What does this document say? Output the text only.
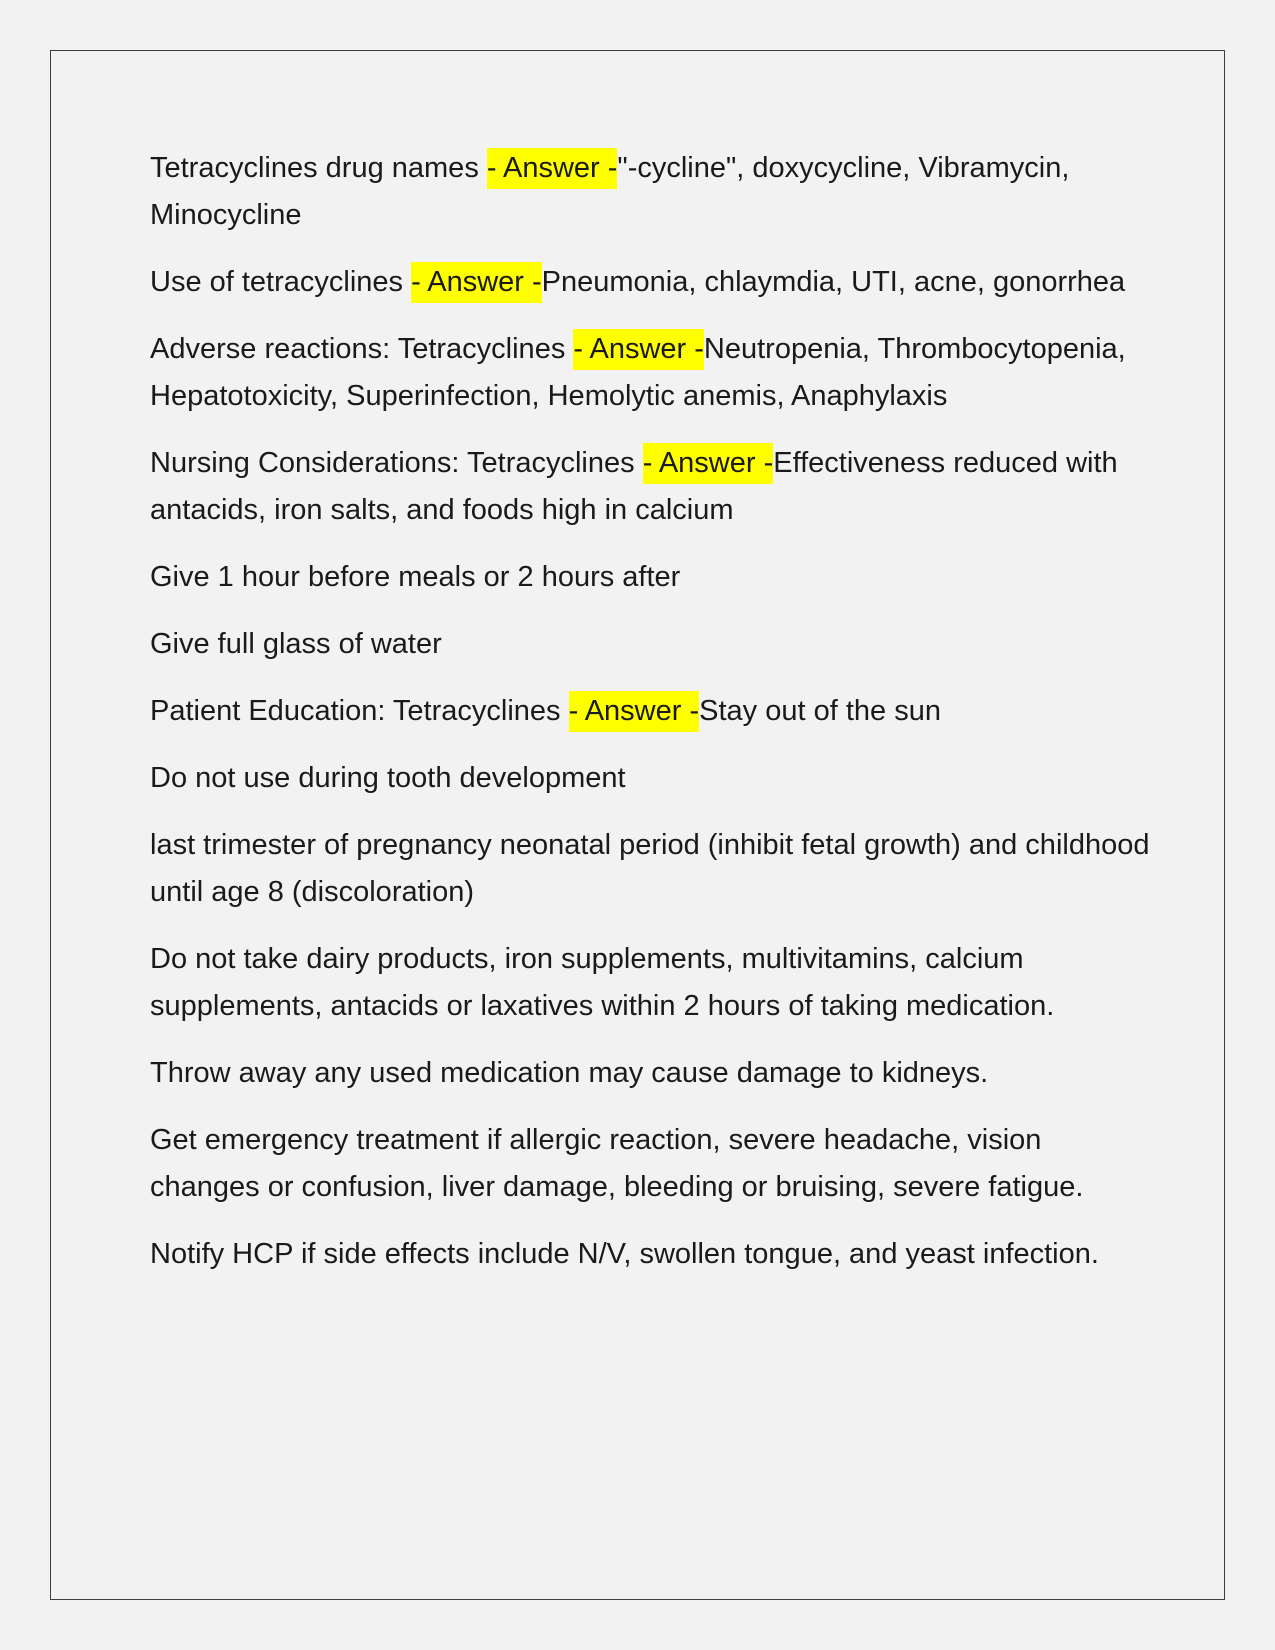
Tetracyclines drug names - Answer -"-cycline", doxycycline, Vibramycin, Minocycline

Use of tetracyclines - Answer -Pneumonia, chlaymdia, UTI, acne, gonorrhea

Adverse reactions: Tetracyclines - Answer -Neutropenia, Thrombocytopenia, Hepatotoxicity, Superinfection, Hemolytic anemis, Anaphylaxis

Nursing Considerations: Tetracyclines - Answer -Effectiveness reduced with antacids, iron salts, and foods high in calcium

Give 1 hour before meals or 2 hours after

Give full glass of water

Patient Education: Tetracyclines - Answer -Stay out of the sun

Do not use during tooth development

last trimester of pregnancy neonatal period (inhibit fetal growth) and childhood until age 8 (discoloration)

Do not take dairy products, iron supplements, multivitamins, calcium supplements, antacids or laxatives within 2 hours of taking medication.

Throw away any used medication may cause damage to kidneys.

Get emergency treatment if allergic reaction, severe headache, vision changes or confusion, liver damage, bleeding or bruising, severe fatigue.

Notify HCP if side effects include N/V, swollen tongue, and yeast infection.
